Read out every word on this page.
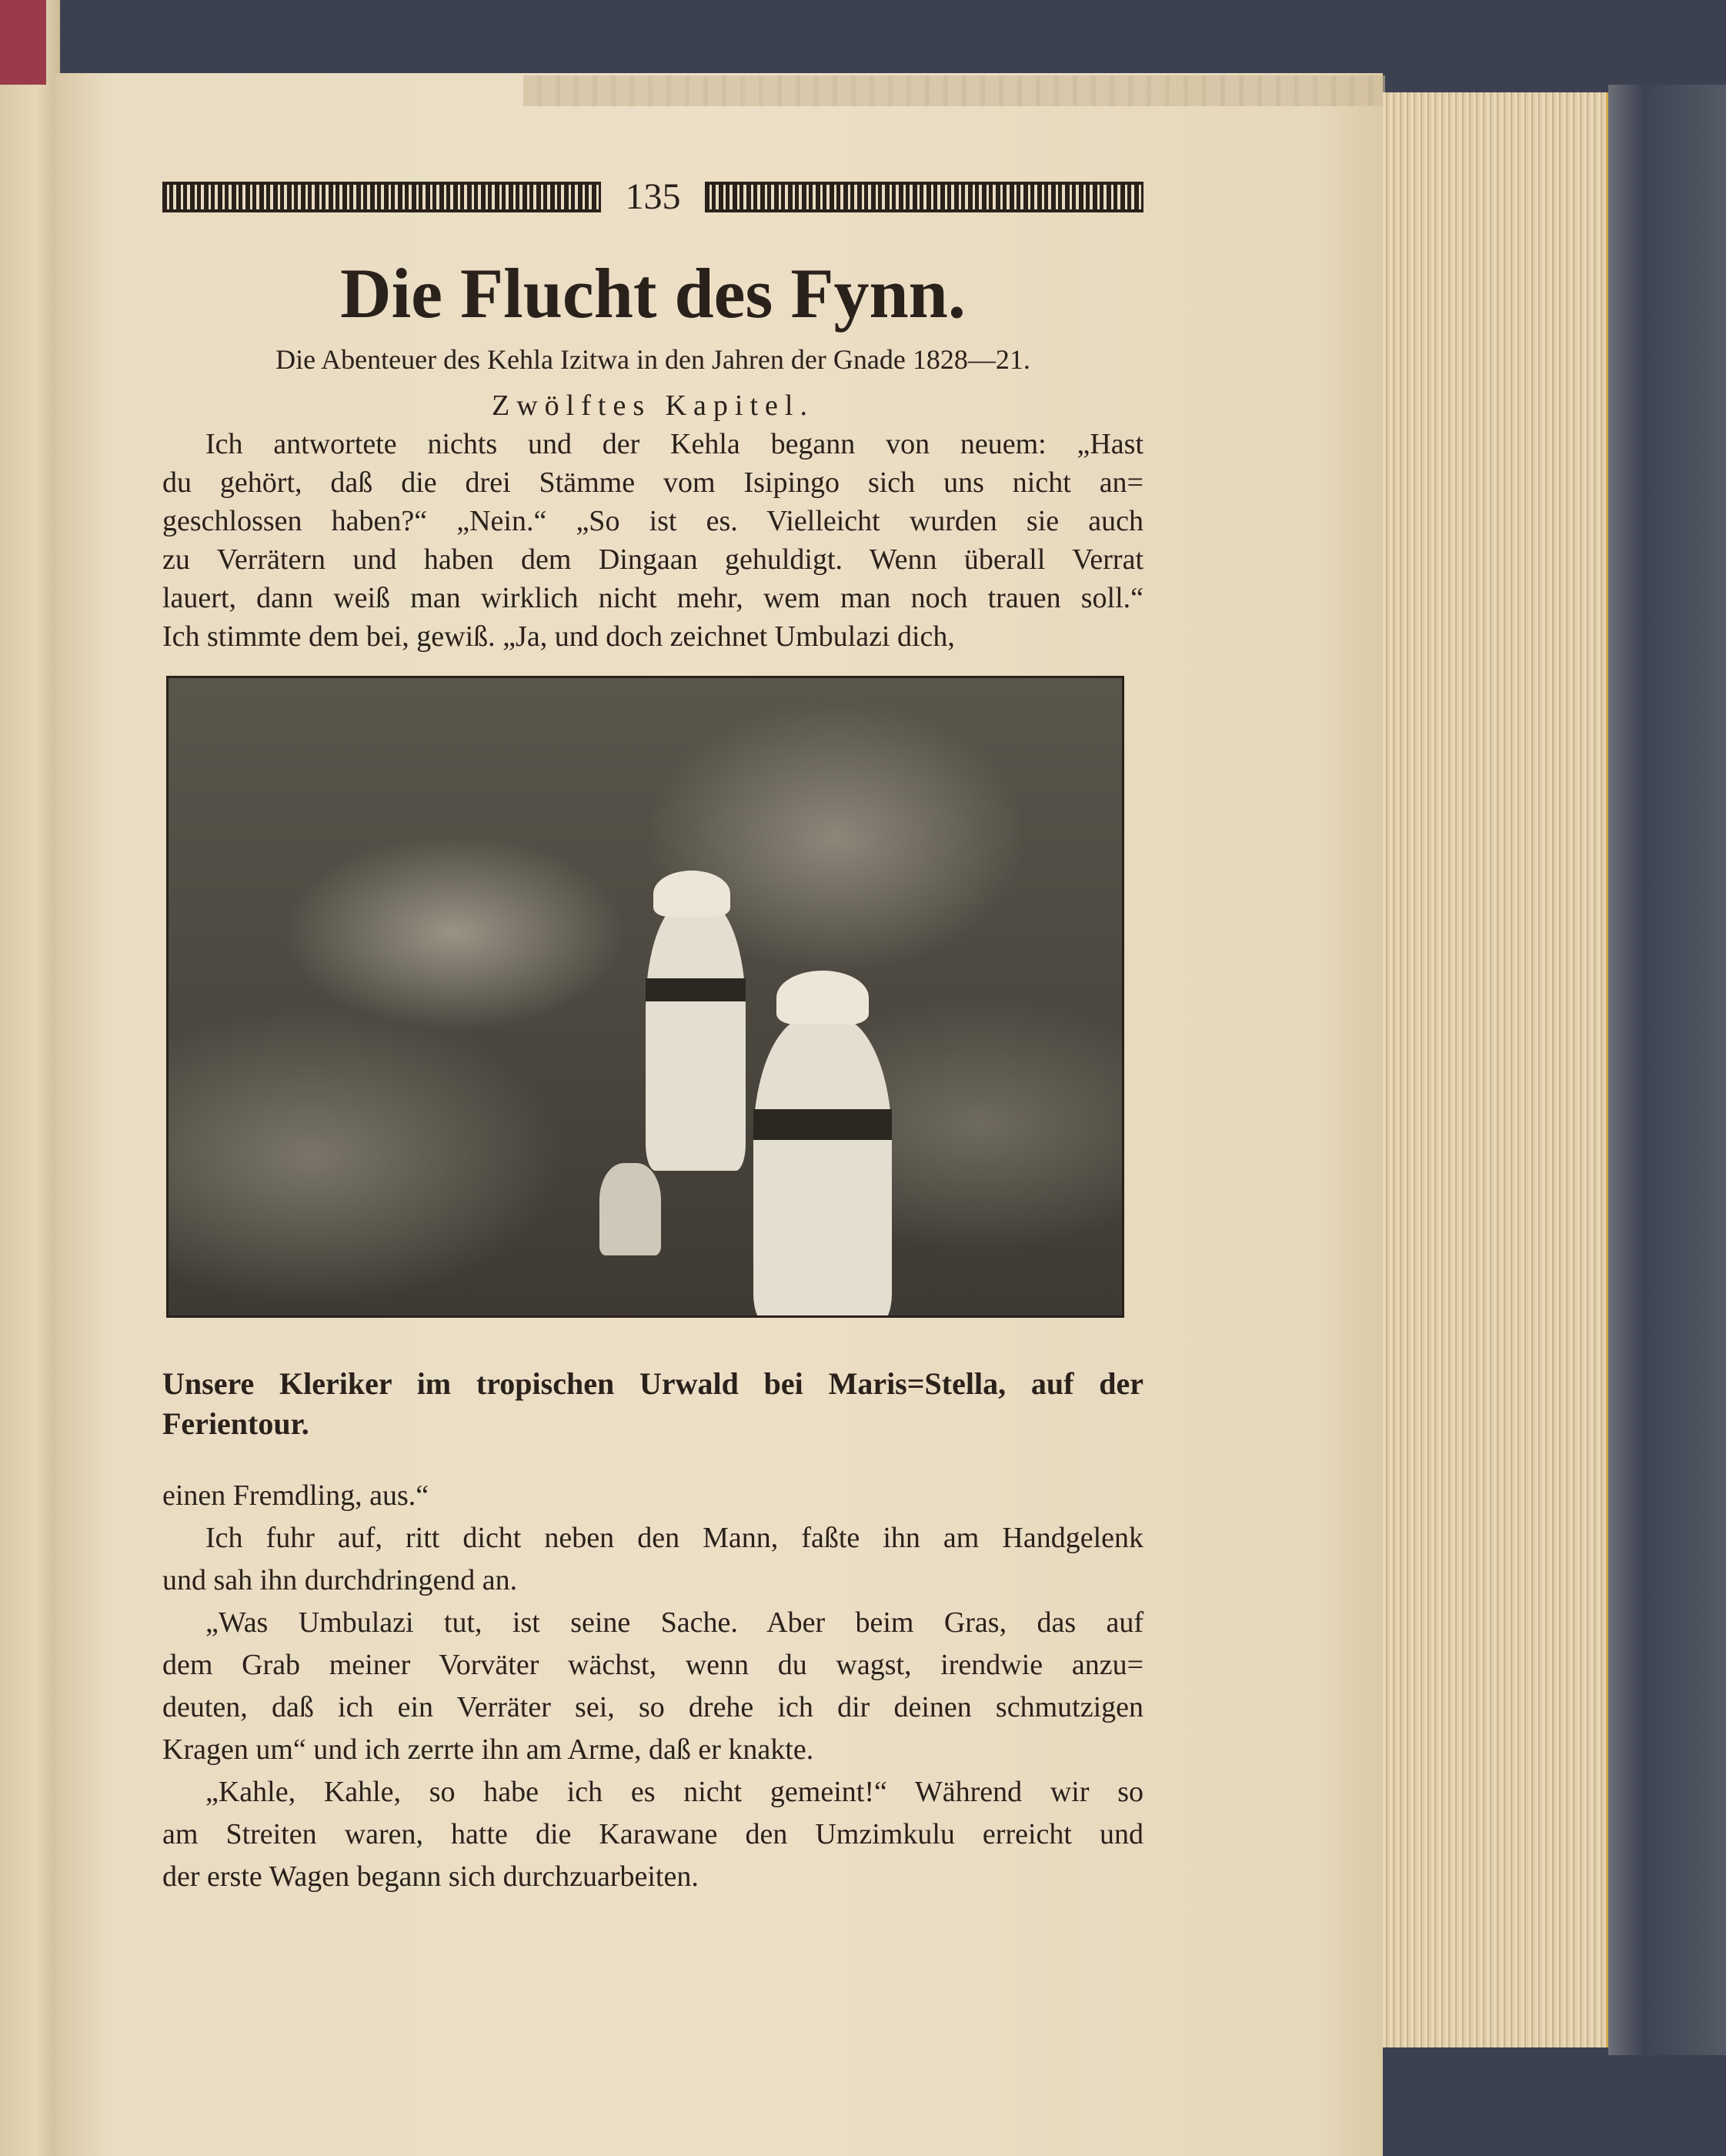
135
Die Flucht des Fynn.
Die Abenteuer des Kehla Izitwa in den Jahren der Gnade 1828—21.
Zwölftes Kapitel.
Ich antwortete nichts und der Kehla begann von neuem: „Hast
du gehört, daß die drei Stämme vom Isipingo sich uns nicht an=
geschlossen haben?“ „Nein.“ „So ist es. Vielleicht wurden sie auch
zu Verrätern und haben dem Dingaan gehuldigt. Wenn überall Verrat
lauert, dann weiß man wirklich nicht mehr, wem man noch trauen soll.“
Ich stimmte dem bei, gewiß. „Ja, und doch zeichnet Umbulazi dich,
Unsere Kleriker im tropischen Urwald bei Maris=Stella, auf der Ferientour.
einen Fremdling, aus.“
Ich fuhr auf, ritt dicht neben den Mann, faßte ihn am Handgelenk
und sah ihn durchdringend an.
„Was Umbulazi tut, ist seine Sache. Aber beim Gras, das auf
dem Grab meiner Vorväter wächst, wenn du wagst, irendwie anzu=
deuten, daß ich ein Verräter sei, so drehe ich dir deinen schmutzigen
Kragen um“ und ich zerrte ihn am Arme, daß er knakte.
„Kahle, Kahle, so habe ich es nicht gemeint!“ Während wir so
am Streiten waren, hatte die Karawane den Umzimkulu erreicht und
der erste Wagen begann sich durchzuarbeiten.
